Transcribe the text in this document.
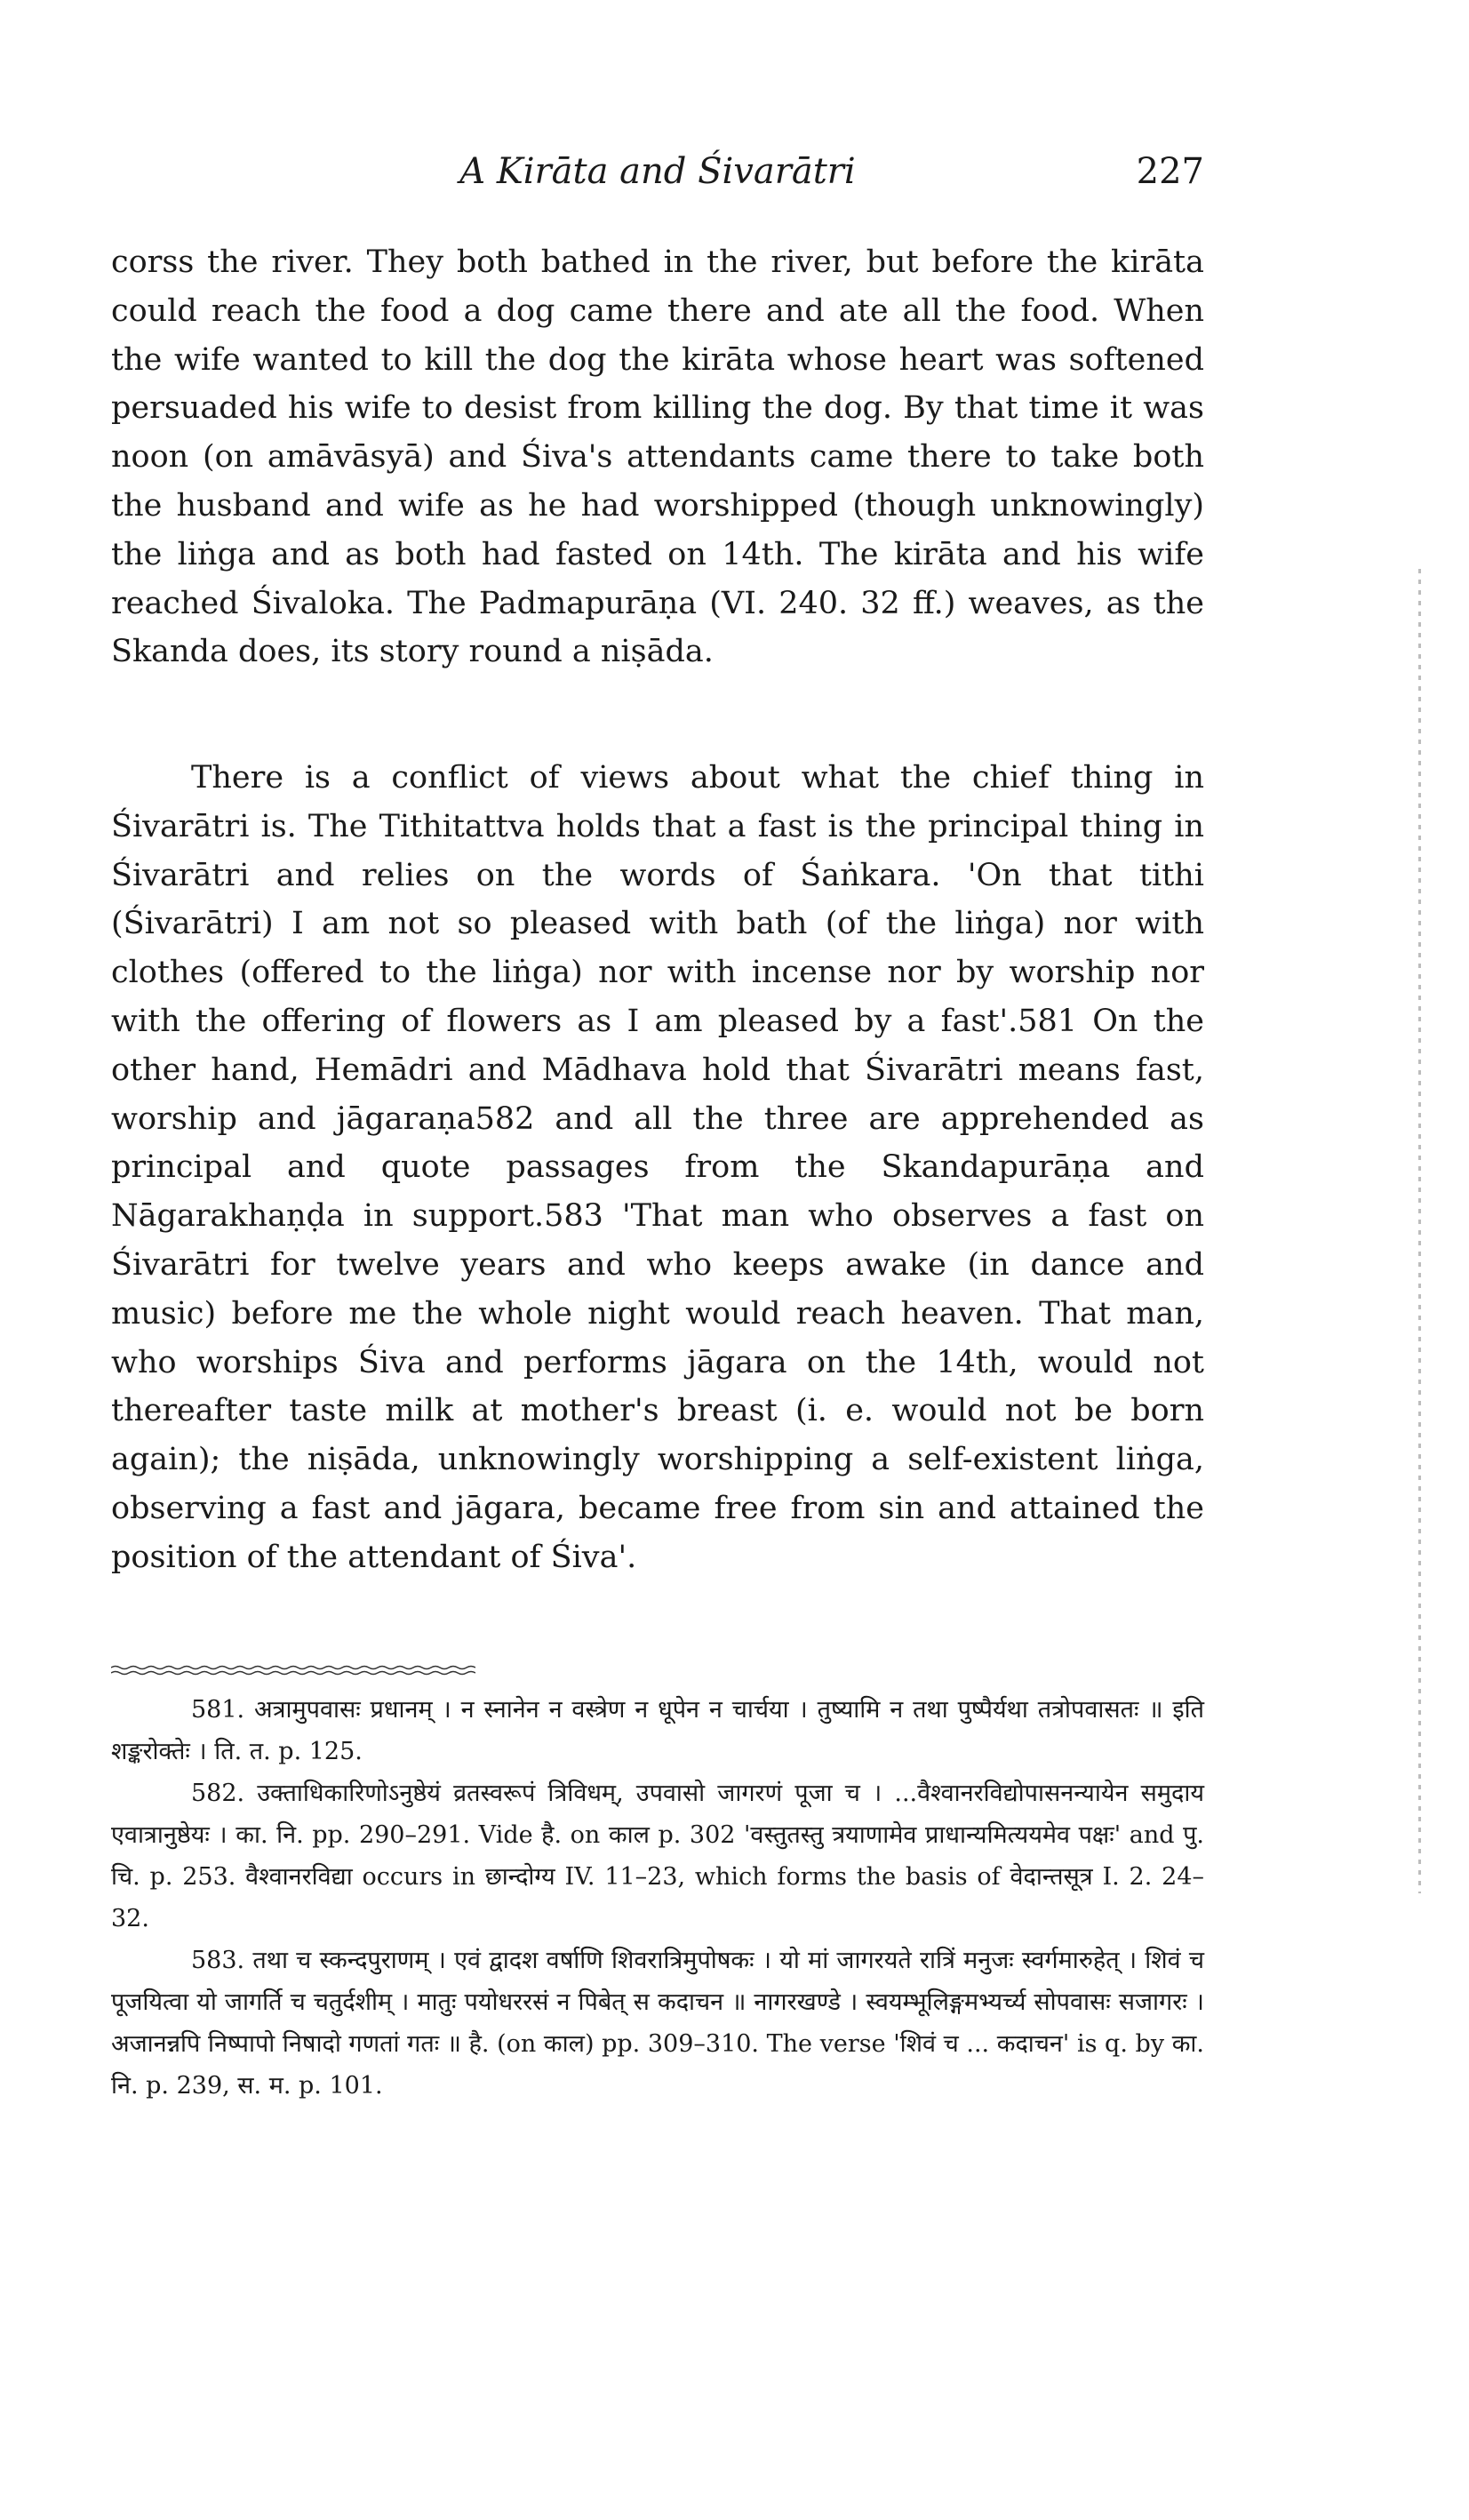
A Kirāta and Śivarātri	227

corss the river. They both bathed in the river, but before the kirāta could reach the food a dog came there and ate all the food. When the wife wanted to kill the dog the kirāta whose heart was softened persuaded his wife to desist from killing the dog. By that time it was noon (on amāvāsyā) and Śiva's attendants came there to take both the husband and wife as he had worshipped (though unknowingly) the liṅga and as both had fasted on 14th. The kirāta and his wife reached Śivaloka. The Padmapurāṇa (VI. 240. 32 ff.) weaves, as the Skanda does, its story round a niṣāda.

There is a conflict of views about what the chief thing in Śivarātri is. The Tithitattva holds that a fast is the principal thing in Śivarātri and relies on the words of Śaṅkara. 'On that tithi (Śivarātri) I am not so pleased with bath (of the liṅga) nor with clothes (offered to the liṅga) nor with incense nor by worship nor with the offering of flowers as I am pleased by a fast'.581 On the other hand, Hemādri and Mādhava hold that Śivarātri means fast, worship and jāgaraṇa582 and all the three are apprehended as principal and quote passages from the Skandapurāṇa and Nāgarakhaṇḍa in support.583 'That man who observes a fast on Śivarātri for twelve years and who keeps awake (in dance and music) before me the whole night would reach heaven. That man, who worships Śiva and performs jāgara on the 14th, would not thereafter taste milk at mother's breast (i. e. would not be born again); the niṣāda, unknowingly worshipping a self-existent liṅga, observing a fast and jāgara, became free from sin and attained the position of the attendant of Śiva'.

581. अत्रामुपवासः प्रधानम् । न स्नानेन न वस्त्रेण न धूपेन न चार्चया । तुष्यामि न तथा पुष्पैर्यथा तत्रोपवासतः ॥ इति शङ्करोक्तेः । ति. त. p. 125.

582. उक्ताधिकारिणोऽनुष्ठेयं व्रतस्वरूपं त्रिविधम्, उपवासो जागरणं पूजा च । ...वैश्वानरविद्योपासनन्यायेन समुदाय एवात्रानुष्ठेयः । का. नि. pp. 290–291. Vide है. on काल p. 302 'वस्तुतस्तु त्रयाणामेव प्राधान्यमित्ययमेव पक्षः' and पु. चि. p. 253. वैश्वानरविद्या occurs in छान्दोग्य IV. 11–23, which forms the basis of वेदान्तसूत्र I. 2. 24–32.

583. तथा च स्कन्दपुराणम् । एवं द्वादश वर्षाणि शिवरात्रिमुपोषकः । यो मां जागरयते रात्रिं मनुजः स्वर्गमारुहेत् । शिवं च पूजयित्वा यो जागर्ति च चतुर्दशीम् । मातुः पयोधररसं न पिबेत् स कदाचन ॥ नागरखण्डे । स्वयम्भूलिङ्गमभ्यर्च्य सोपवासः सजागरः । अजानन्नपि निष्पापो निषादो गणतां गतः ॥ है. (on काल) pp. 309–310. The verse 'शिवं च ... कदाचन' is q. by का. नि. p. 239, स. म. p. 101.
